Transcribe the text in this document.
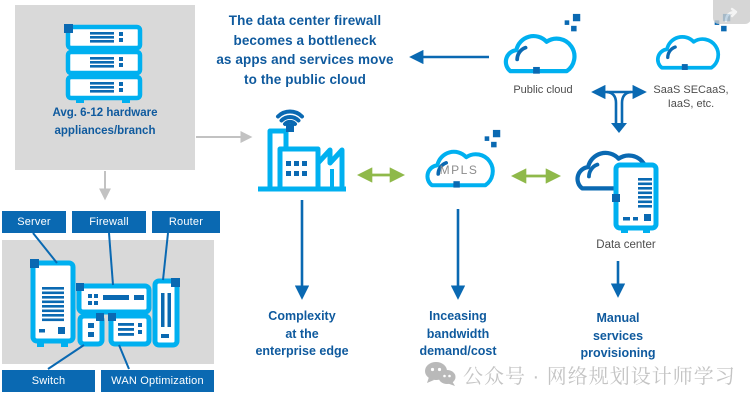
Avg. 6-12 hardware
appliances/branch
The data center firewall
becomes a bottleneck
as apps and services move
to the public cloud
MPLS
Public cloud	SaaS SECaaS,
IaaS, etc.
Data center
Server	Firewall	Router
Switch	WAN Optimization
Complexity
at the
enterprise edge
Inceasing
bandwidth
demand/cost
Manual
services
provisioning
公众号 · 网络规划设计师学习
